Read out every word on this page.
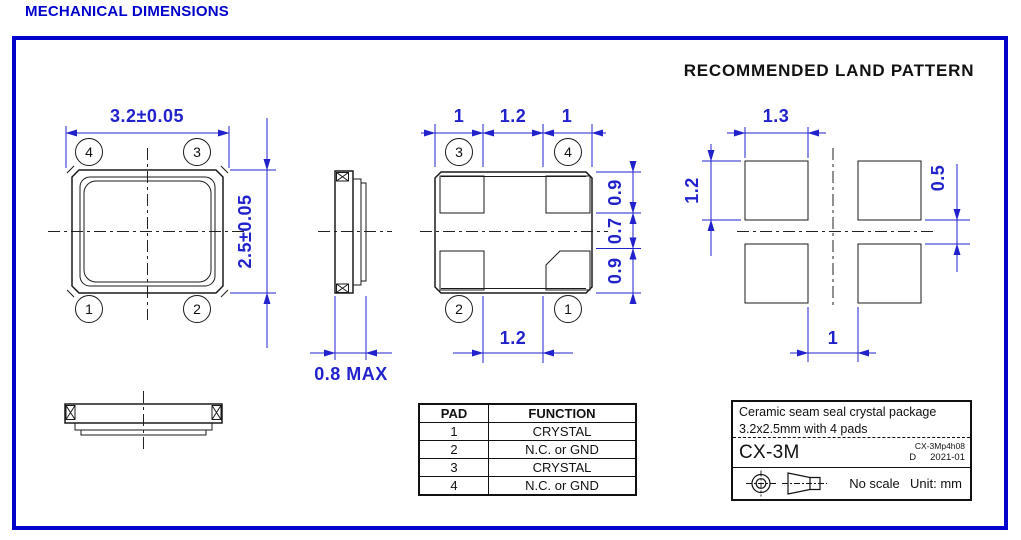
MECHANICAL DIMENSIONS
4	3
1	2
3.2±0.05
2.5±0.05
0.8 MAX
3	4
2	1
1 1.2 1
0.9
0.7
0.9
1.2
RECOMMENDED LAND PATTERN
1.3
1.2	0.5
1
PAD	FUNCTION
1	CRYSTAL
2	N.C. or GND
3	CRYSTAL
4	N.C. or GND
Ceramic seam seal crystal package
3.2x2.5mm with 4 pads
CX-3M	CX-3Mp4h08
D 2021-01
No scale Unit: mm
